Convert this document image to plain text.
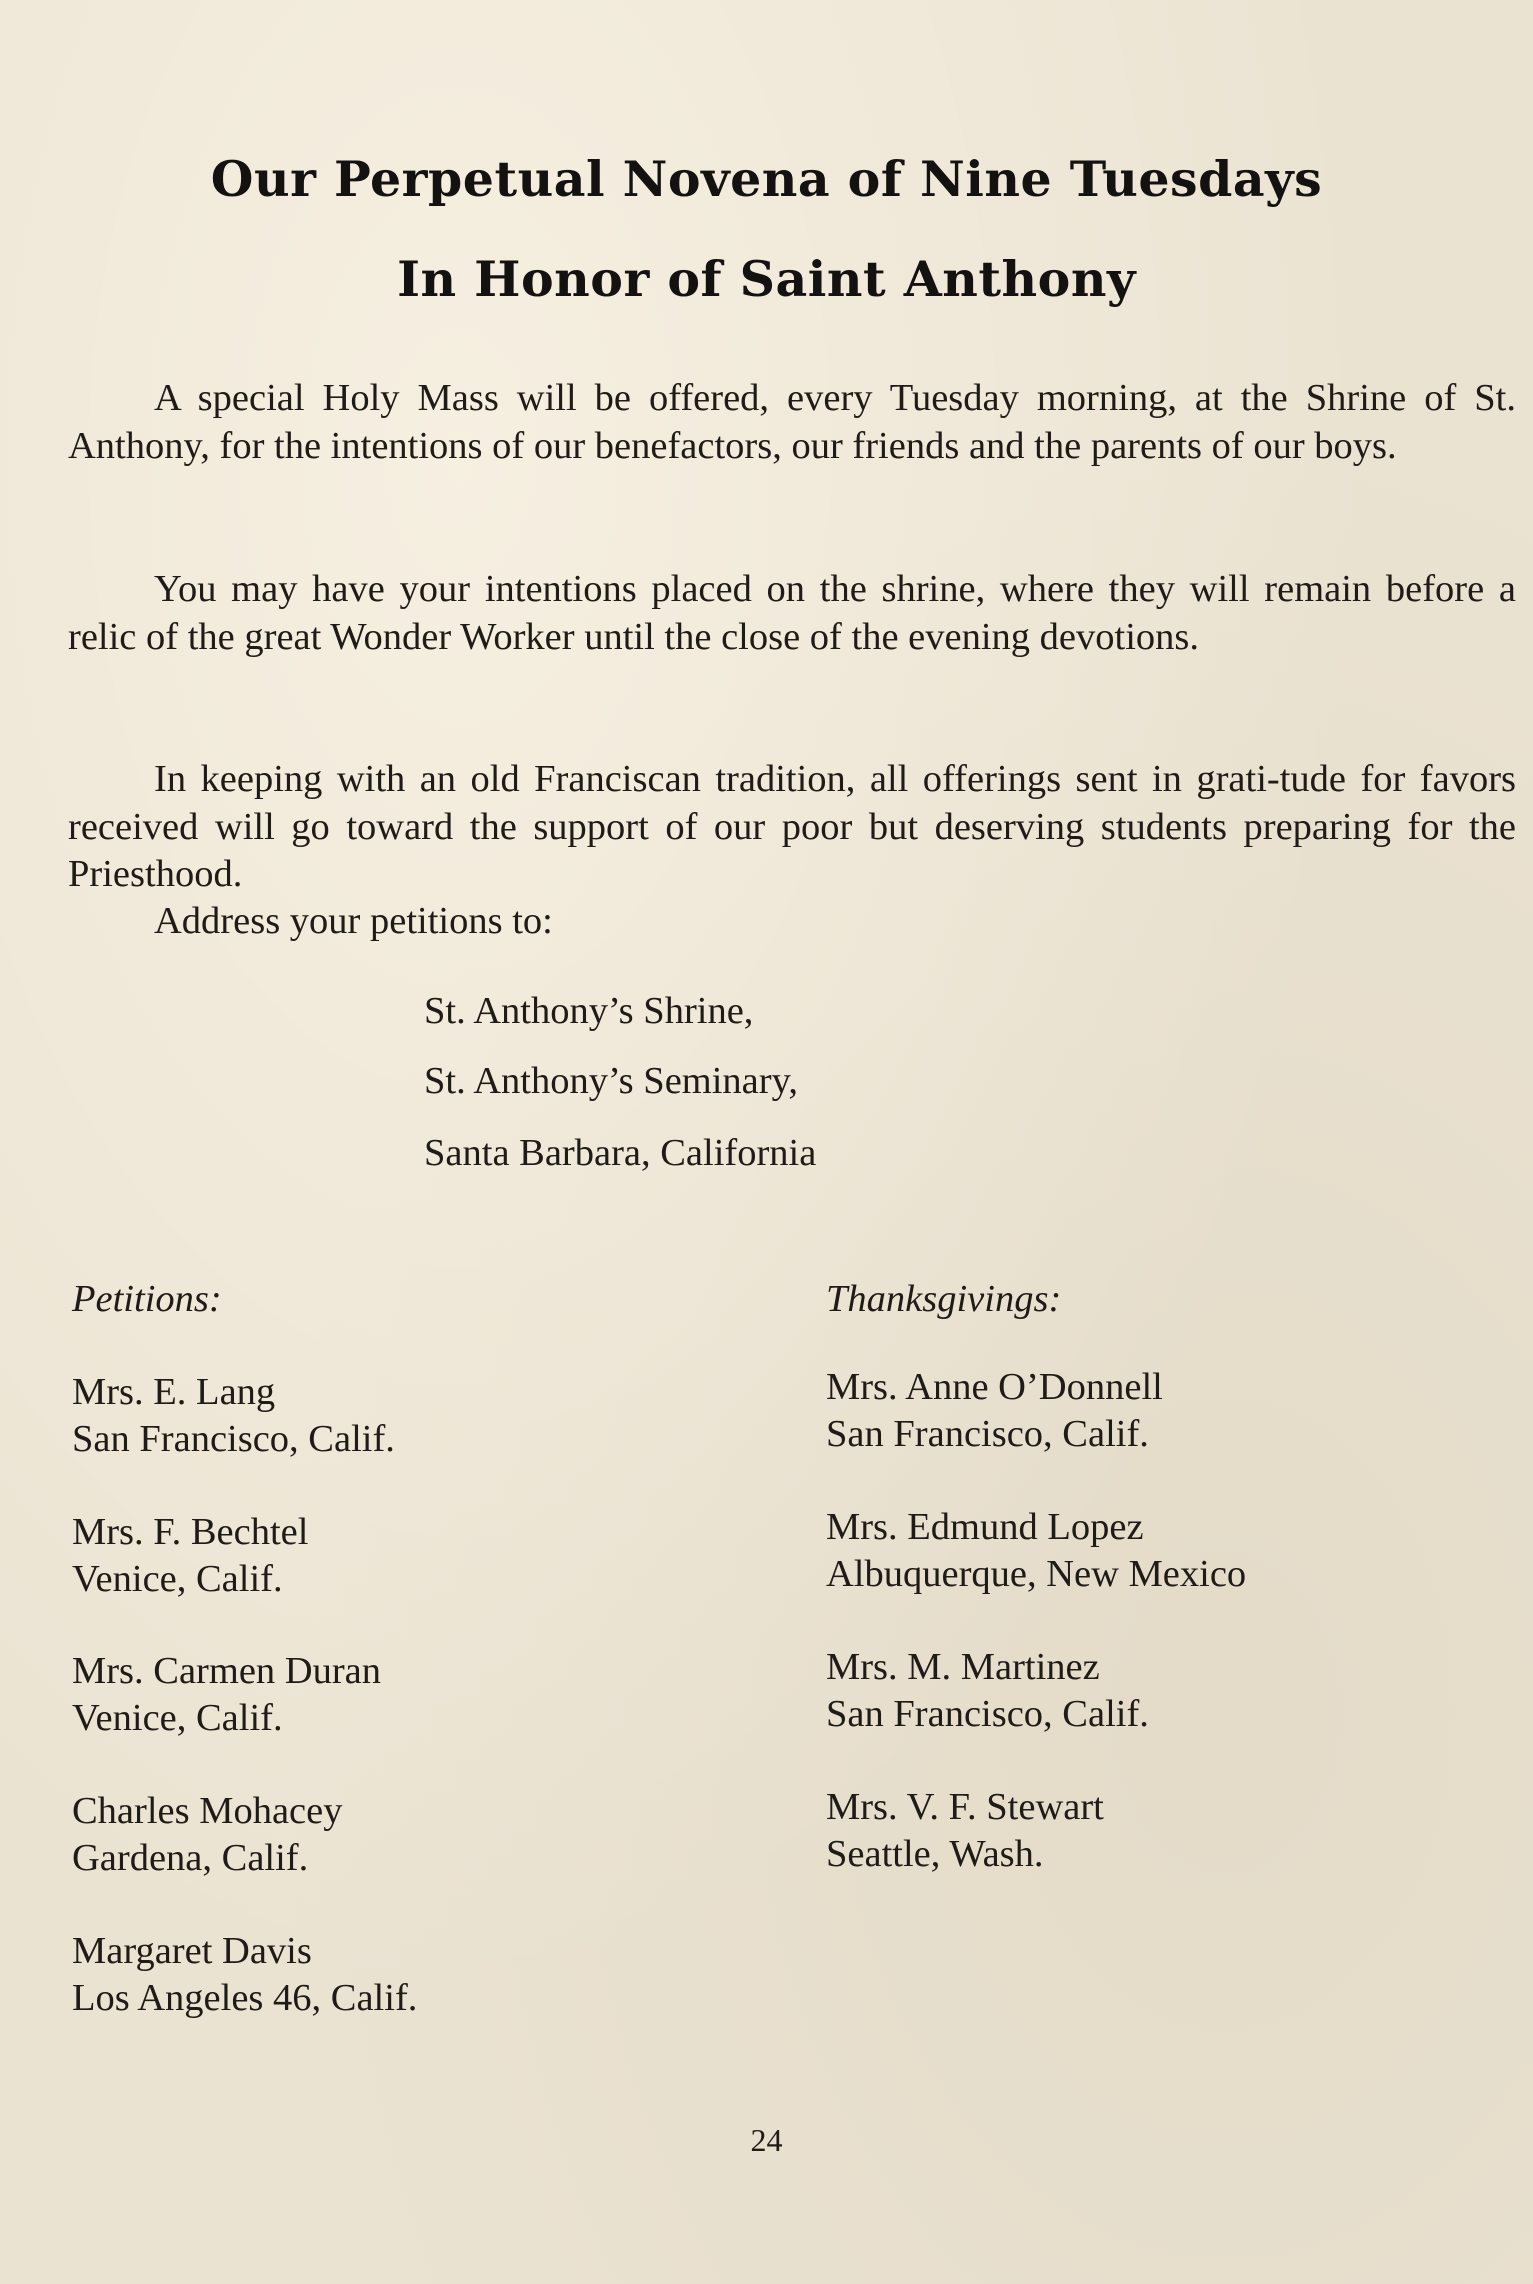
Our Perpetual Novena of Nine Tuesdays
In Honor of Saint Anthony

A special Holy Mass will be offered, every Tuesday morning, at the Shrine of St. Anthony, for the intentions of our benefactors, our friends and the parents of our boys.

You may have your intentions placed on the shrine, where they will remain before a relic of the great Wonder Worker until the close of the evening devotions.

In keeping with an old Franciscan tradition, all offerings sent in grati-tude for favors received will go toward the support of our poor but deserving students preparing for the Priesthood.

Address your petitions to:

St. Anthony’s Shrine,

St. Anthony’s Seminary,

Santa Barbara, California

Petitions:	Thanksgivings:

Mrs. E. Lang
San Francisco, Calif.
Mrs. F. Bechtel
Venice, Calif.
Mrs. Carmen Duran
Venice, Calif.
Charles Mohacey
Gardena, Calif.
Margaret Davis
Los Angeles 46, Calif.
Mrs. Anne O’Donnell
San Francisco, Calif.
Mrs. Edmund Lopez
Albuquerque, New Mexico
Mrs. M. Martinez
San Francisco, Calif.
Mrs. V. F. Stewart
Seattle, Wash.

24
